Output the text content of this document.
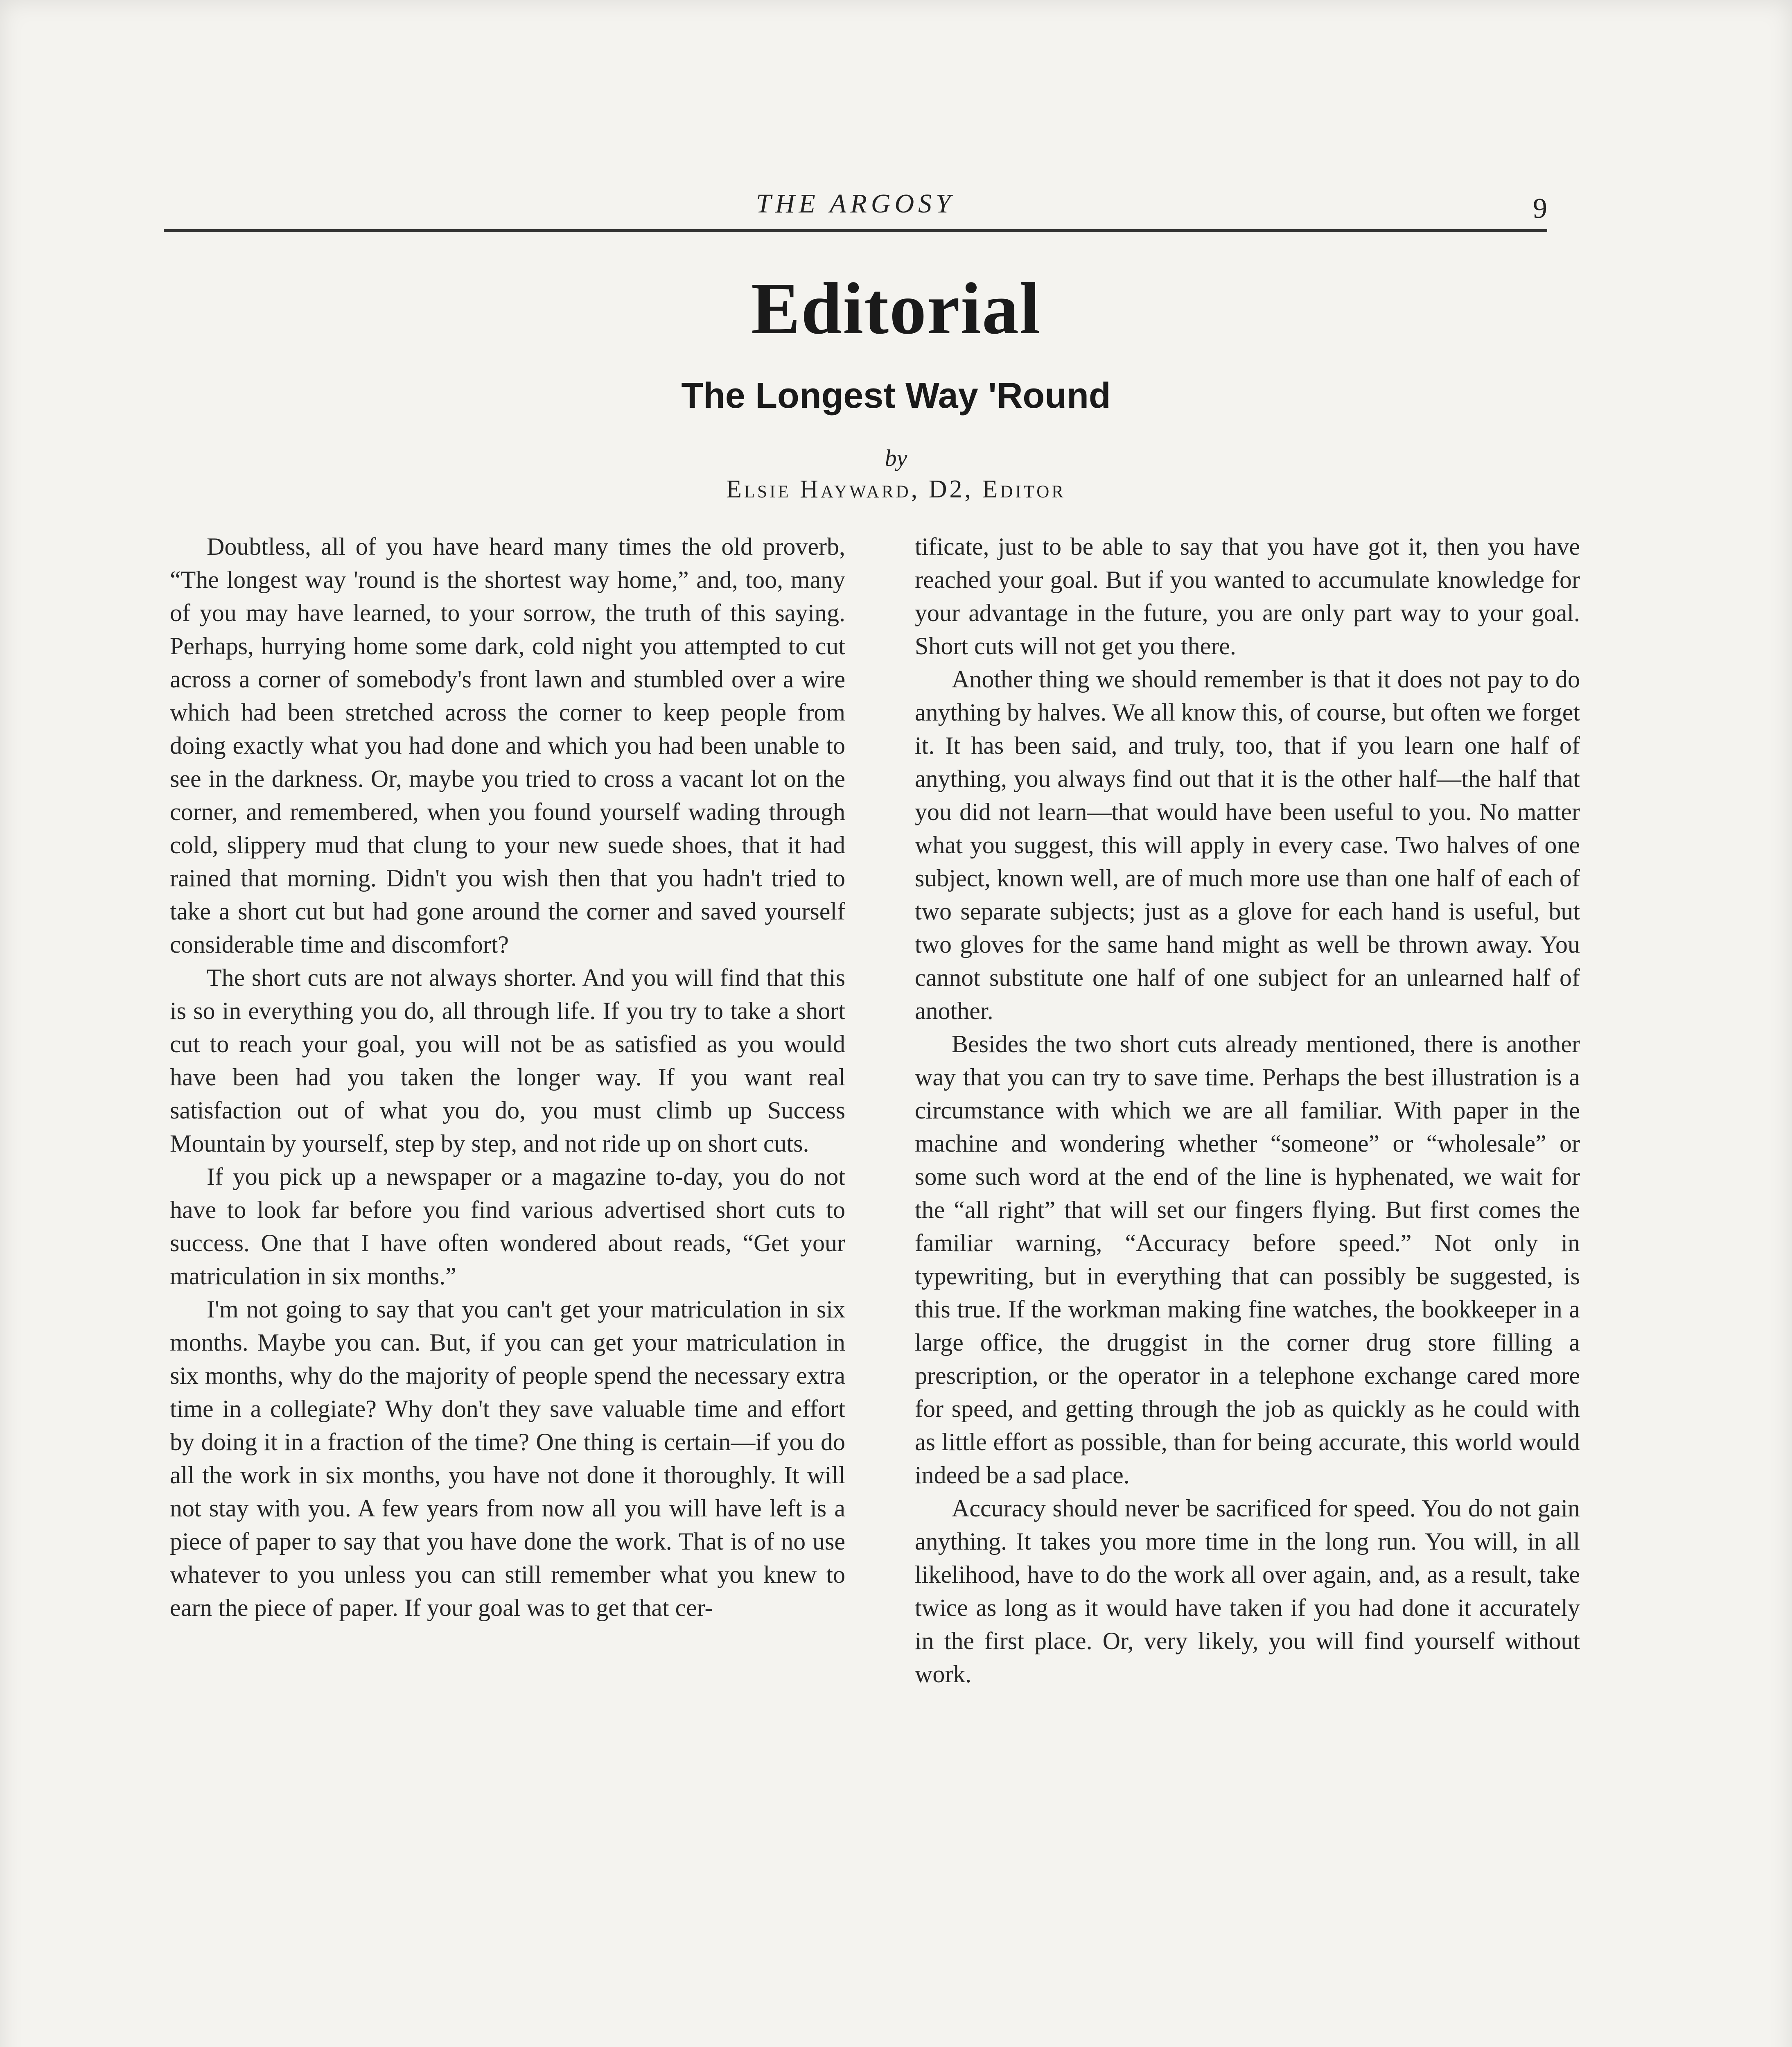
THE ARGOSY	9
Editorial
The Longest Way 'Round
by
Elsie Hayward, D2, Editor

Doubtless, all of you have heard many times the old proverb, “The longest way 'round is the shortest way home,” and, too, many of you may have learned, to your sorrow, the truth of this saying. Perhaps, hurrying home some dark, cold night you attempted to cut across a corner of somebody's front lawn and stumbled over a wire which had been stretched across the corner to keep people from doing exactly what you had done and which you had been unable to see in the darkness. Or, maybe you tried to cross a vacant lot on the corner, and remembered, when you found yourself wading through cold, slippery mud that clung to your new suede shoes, that it had rained that morning. Didn't you wish then that you hadn't tried to take a short cut but had gone around the corner and saved yourself considerable time and discomfort?

The short cuts are not always shorter. And you will find that this is so in everything you do, all through life. If you try to take a short cut to reach your goal, you will not be as satisfied as you would have been had you taken the longer way. If you want real satisfaction out of what you do, you must climb up Success Mountain by yourself, step by step, and not ride up on short cuts.

If you pick up a newspaper or a magazine to-day, you do not have to look far before you find various advertised short cuts to success. One that I have often wondered about reads, “Get your matriculation in six months.”

I'm not going to say that you can't get your matriculation in six months. Maybe you can. But, if you can get your matriculation in six months, why do the majority of people spend the necessary extra time in a collegiate? Why don't they save valuable time and effort by doing it in a fraction of the time? One thing is certain—if you do all the work in six months, you have not done it thoroughly. It will not stay with you. A few years from now all you will have left is a piece of paper to say that you have done the work. That is of no use whatever to you unless you can still remember what you knew to earn the piece of paper. If your goal was to get that cer-

tificate, just to be able to say that you have got it, then you have reached your goal. But if you wanted to accumulate knowledge for your advantage in the future, you are only part way to your goal. Short cuts will not get you there.

Another thing we should remember is that it does not pay to do anything by halves. We all know this, of course, but often we forget it. It has been said, and truly, too, that if you learn one half of anything, you always find out that it is the other half—the half that you did not learn—that would have been useful to you. No matter what you suggest, this will apply in every case. Two halves of one subject, known well, are of much more use than one half of each of two separate subjects; just as a glove for each hand is useful, but two gloves for the same hand might as well be thrown away. You cannot substitute one half of one subject for an unlearned half of another.

Besides the two short cuts already mentioned, there is another way that you can try to save time. Perhaps the best illustration is a circumstance with which we are all familiar. With paper in the machine and wondering whether “someone” or “wholesale” or some such word at the end of the line is hyphenated, we wait for the “all right” that will set our fingers flying. But first comes the familiar warning, “Accuracy before speed.” Not only in typewriting, but in everything that can possibly be suggested, is this true. If the workman making fine watches, the bookkeeper in a large office, the druggist in the corner drug store filling a prescription, or the operator in a telephone exchange cared more for speed, and getting through the job as quickly as he could with as little effort as possible, than for being accurate, this world would indeed be a sad place.

Accuracy should never be sacrificed for speed. You do not gain anything. It takes you more time in the long run. You will, in all likelihood, have to do the work all over again, and, as a result, take twice as long as it would have taken if you had done it accurately in the first place. Or, very likely, you will find yourself without work.
